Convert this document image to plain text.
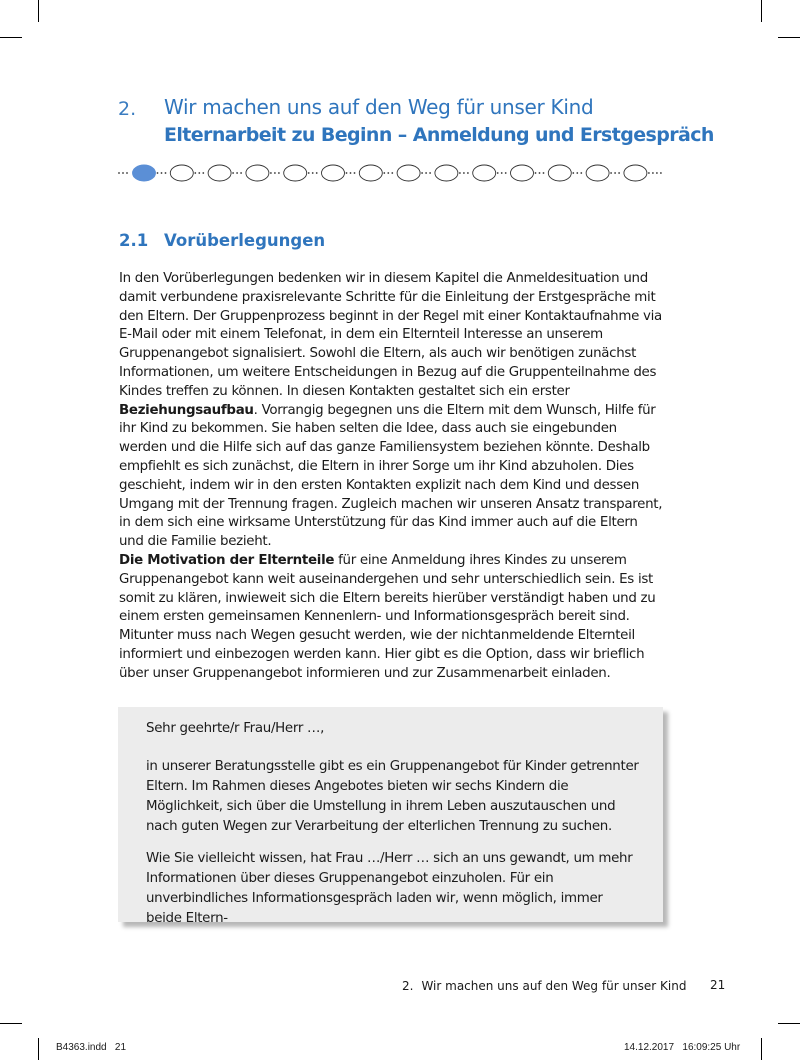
2. Wir machen uns auf den Weg für unser Kind
Elternarbeit zu Beginn – Anmeldung und Erstgespräch
2.1 Vorüberlegungen

In den Vorüberlegungen bedenken wir in diesem Kapitel die Anmeldesituation und damit verbundene praxisrelevante Schritte für die Einleitung der Erstgespräche mit den Eltern. Der Gruppenprozess beginnt in der Regel mit einer Kontaktaufnahme via E-Mail oder mit einem Telefonat, in dem ein Elternteil Interesse an unserem Gruppenangebot signalisiert. Sowohl die Eltern, als auch wir benötigen zunächst Informationen, um weitere Entscheidungen in Bezug auf die Gruppenteilnahme des Kindes treffen zu können. In diesen Kontakten gestaltet sich ein erster Beziehungsaufbau. Vorrangig begegnen uns die Eltern mit dem Wunsch, Hilfe für ihr Kind zu bekommen. Sie haben selten die Idee, dass auch sie eingebunden werden und die Hilfe sich auf das ganze Familiensystem beziehen könnte. Deshalb empfiehlt es sich zunächst, die Eltern in ihrer Sorge um ihr Kind abzuholen. Dies geschieht, indem wir in den ersten Kontakten explizit nach dem Kind und dessen Umgang mit der Trennung fragen. Zugleich machen wir unseren Ansatz transparent, in dem sich eine wirksame Unterstützung für das Kind immer auch auf die Eltern und die Familie bezieht.

Die Motivation der Elternteile für eine Anmeldung ihres Kindes zu unserem Gruppenangebot kann weit auseinandergehen und sehr unterschiedlich sein. Es ist somit zu klären, inwieweit sich die Eltern bereits hierüber verständigt haben und zu einem ersten gemeinsamen Kennenlern- und Informationsgespräch bereit sind. Mitunter muss nach Wegen gesucht werden, wie der nichtanmeldende Elternteil informiert und einbezogen werden kann. Hier gibt es die Option, dass wir brieflich über unser Gruppenangebot informieren und zur Zusammenarbeit einladen.

Sehr geehrte/r Frau/Herr …,

in unserer Beratungsstelle gibt es ein Gruppenangebot für Kinder getrennter Eltern. Im Rahmen dieses Angebotes bieten wir sechs Kindern die Möglichkeit, sich über die Umstellung in ihrem Leben auszutauschen und nach guten Wegen zur Verarbeitung der elterlichen Trennung zu suchen.

Wie Sie vielleicht wissen, hat Frau …/Herr … sich an uns gewandt, um mehr Informationen über dieses Gruppenangebot einzuholen. Für ein unverbindliches Informationsgespräch laden wir, wenn möglich, immer beide Eltern-

2. Wir machen uns auf den Weg für unser Kind 21
B4363.indd   21	14.12.2017   16:09:25 Uhr
